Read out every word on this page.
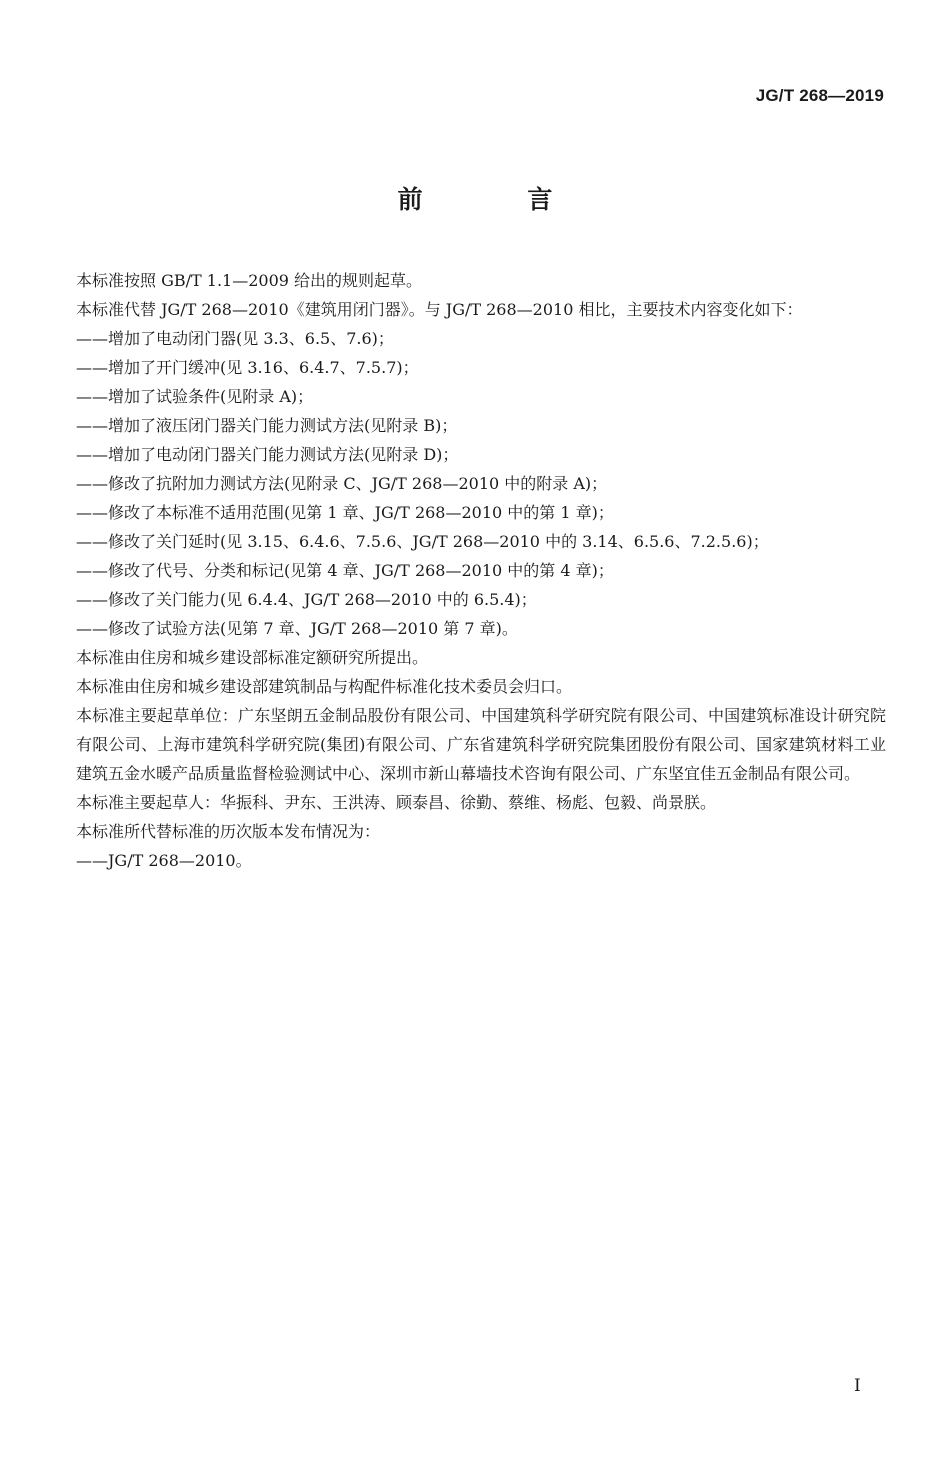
JG/T 268—2019

前 言

本标准按照 GB/T 1.1—2009 给出的规则起草。

本标准代替 JG/T 268—2010《建筑用闭门器》。与 JG/T 268—2010 相比，主要技术内容变化如下：

——增加了电动闭门器(见 3.3、6.5、7.6)；

——增加了开门缓冲(见 3.16、6.4.7、7.5.7)；

——增加了试验条件(见附录 A)；

——增加了液压闭门器关门能力测试方法(见附录 B)；

——增加了电动闭门器关门能力测试方法(见附录 D)；

——修改了抗附加力测试方法(见附录 C、JG/T 268—2010 中的附录 A)；

——修改了本标准不适用范围(见第 1 章、JG/T 268—2010 中的第 1 章)；

——修改了关门延时(见 3.15、6.4.6、7.5.6、JG/T 268—2010 中的 3.14、6.5.6、7.2.5.6)；

——修改了代号、分类和标记(见第 4 章、JG/T 268—2010 中的第 4 章)；

——修改了关门能力(见 6.4.4、JG/T 268—2010 中的 6.5.4)；

——修改了试验方法(见第 7 章、JG/T 268—2010 第 7 章)。

本标准由住房和城乡建设部标准定额研究所提出。

本标准由住房和城乡建设部建筑制品与构配件标准化技术委员会归口。

本标准主要起草单位：广东坚朗五金制品股份有限公司、中国建筑科学研究院有限公司、中国建筑标准设计研究院有限公司、上海市建筑科学研究院(集团)有限公司、广东省建筑科学研究院集团股份有限公司、国家建筑材料工业建筑五金水暖产品质量监督检验测试中心、深圳市新山幕墙技术咨询有限公司、广东坚宜佳五金制品有限公司。

本标准主要起草人：华振科、尹东、王洪涛、顾泰昌、徐勤、蔡维、杨彪、包毅、尚景朕。

本标准所代替标准的历次版本发布情况为：

——JG/T 268—2010。

I
